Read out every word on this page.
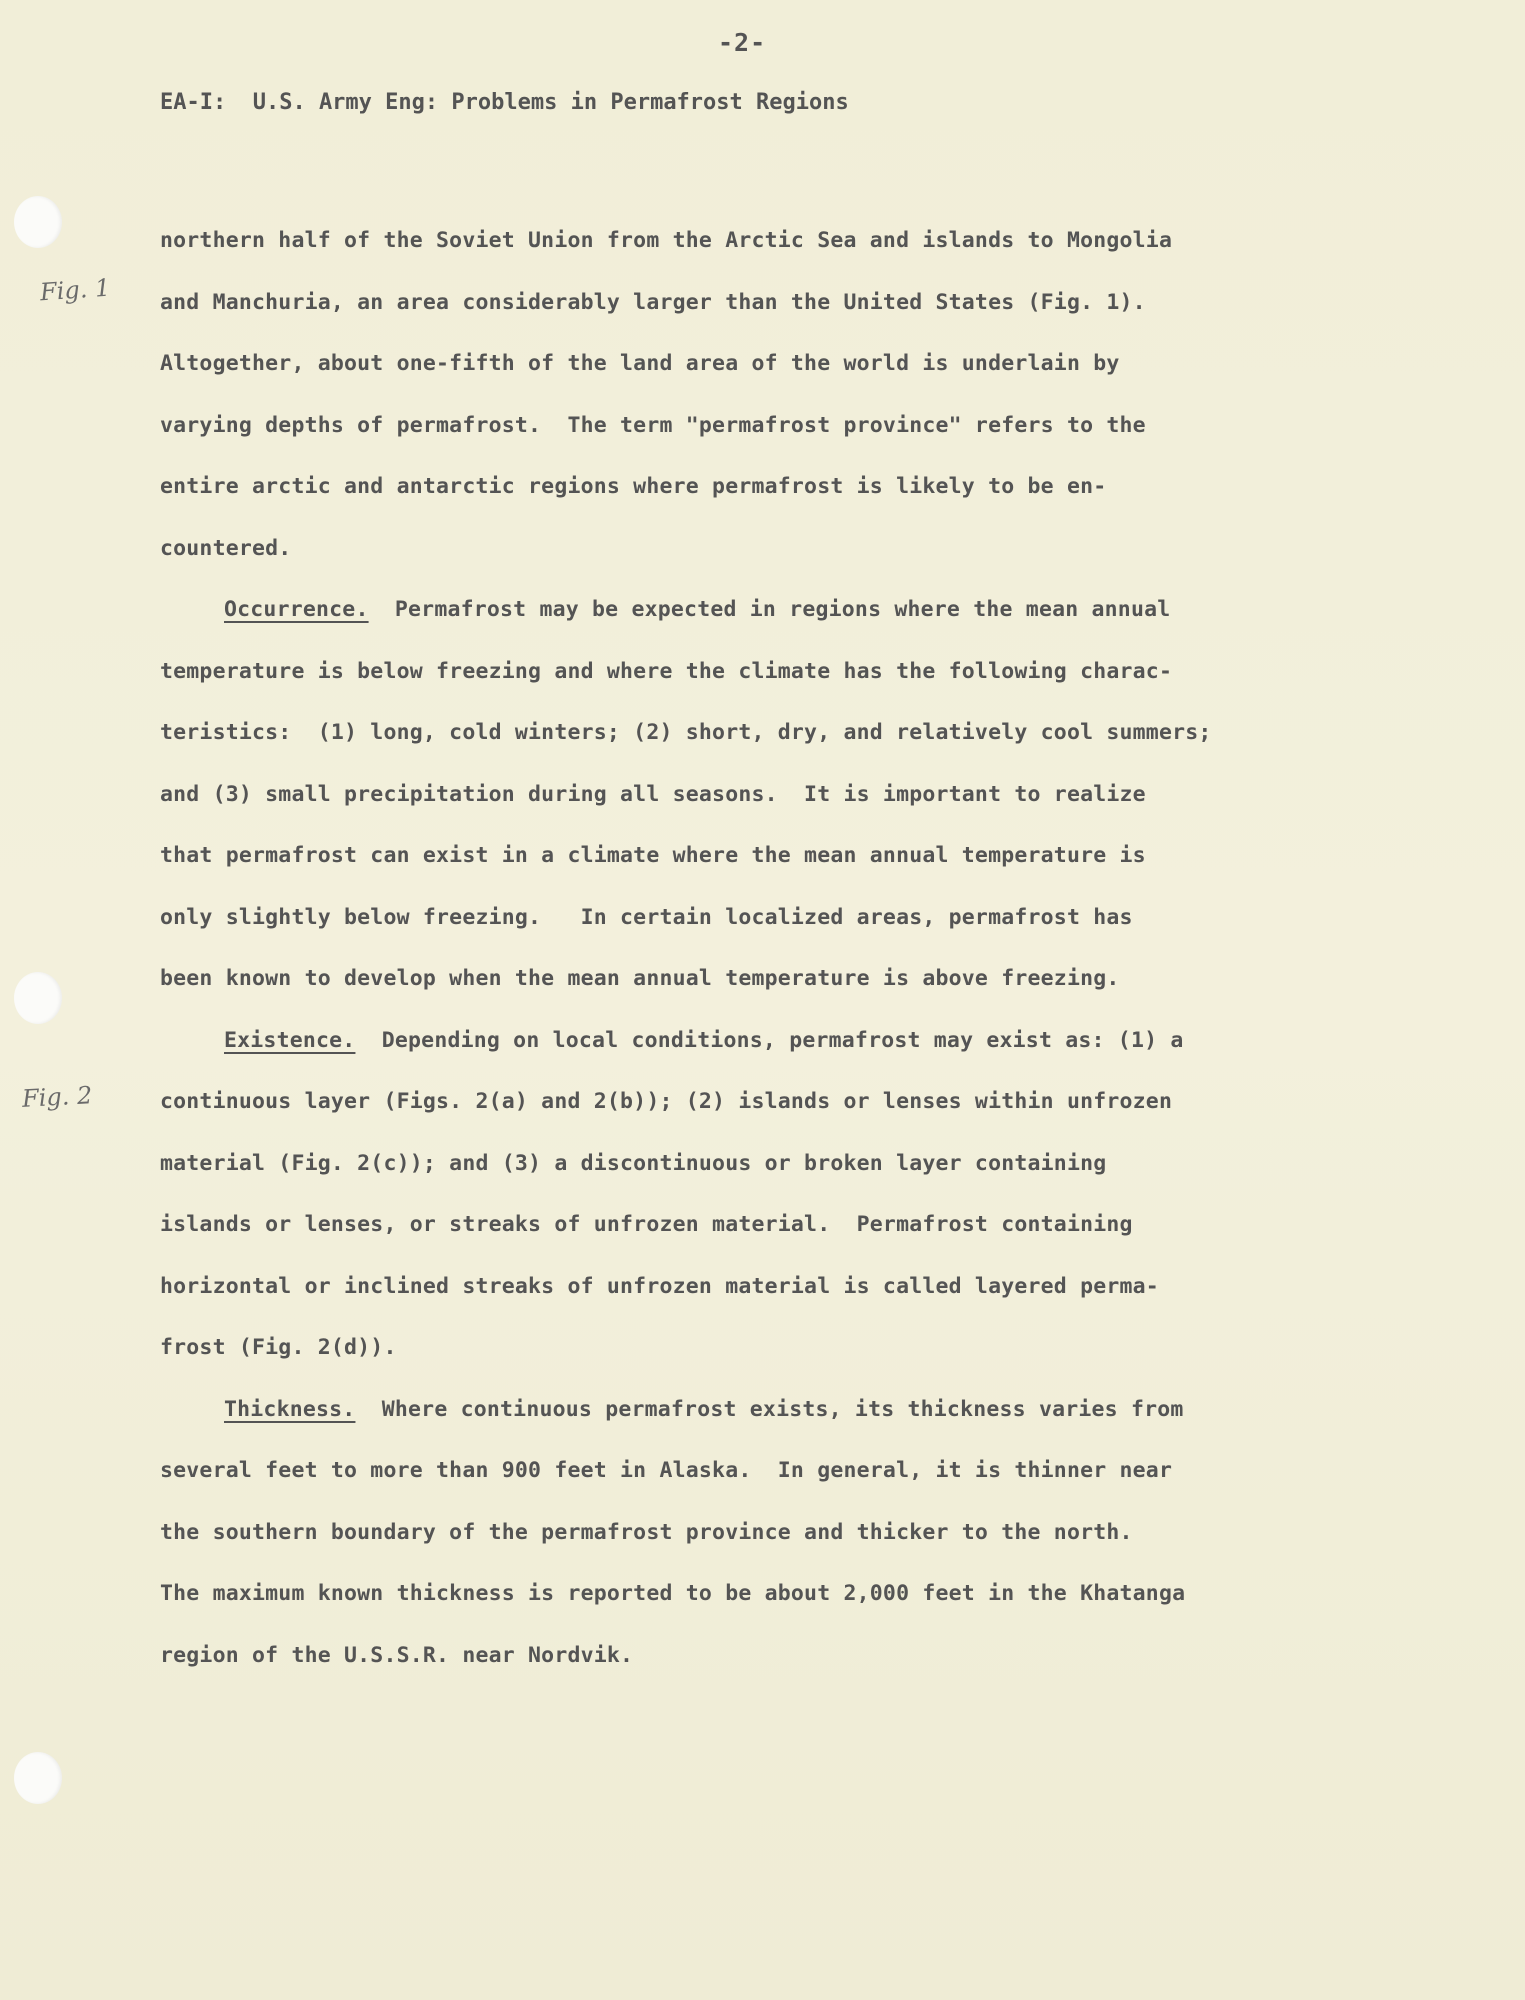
-2-
EA-I:  U.S. Army Eng: Problems in Permafrost Regions
Fig. 1
Fig. 2
northern half of the Soviet Union from the Arctic Sea and islands to Mongolia
and Manchuria, an area considerably larger than the United States (Fig. 1).
Altogether, about one-fifth of the land area of the world is underlain by
varying depths of permafrost.  The term "permafrost province" refers to the
entire arctic and antarctic regions where permafrost is likely to be en-
countered.
Occurrence.  Permafrost may be expected in regions where the mean annual
temperature is below freezing and where the climate has the following charac-
teristics:  (1) long, cold winters; (2) short, dry, and relatively cool summers;
and (3) small precipitation during all seasons.  It is important to realize
that permafrost can exist in a climate where the mean annual temperature is
only slightly below freezing.   In certain localized areas, permafrost has
been known to develop when the mean annual temperature is above freezing.
Existence.  Depending on local conditions, permafrost may exist as: (1) a
continuous layer (Figs. 2(a) and 2(b)); (2) islands or lenses within unfrozen
material (Fig. 2(c)); and (3) a discontinuous or broken layer containing
islands or lenses, or streaks of unfrozen material.  Permafrost containing
horizontal or inclined streaks of unfrozen material is called layered perma-
frost (Fig. 2(d)).
Thickness.  Where continuous permafrost exists, its thickness varies from
several feet to more than 900 feet in Alaska.  In general, it is thinner near
the southern boundary of the permafrost province and thicker to the north.
The maximum known thickness is reported to be about 2,000 feet in the Khatanga
region of the U.S.S.R. near Nordvik.
